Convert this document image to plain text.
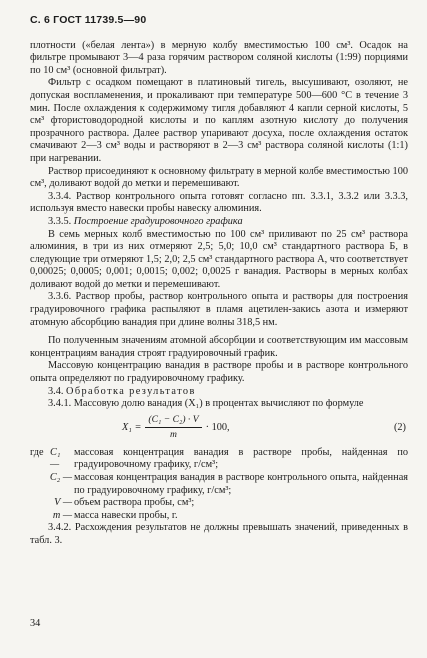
С. 6 ГОСТ 11739.5—90

плотности («белая лента») в мерную колбу вместимостью 100 см³. Осадок на фильтре промывают 3—4 раза горячим раствором соляной кислоты (1:99) порциями по 10 см³ (основной фильтрат).

Фильтр с осадком помещают в платиновый тигель, высушивают, озоляют, не допуская воспламенения, и прокаливают при температуре 500—600 °С в течение 3 мин. После охлаждения к содержимому тигля добавляют 4 капли серной кислоты, 5 см³ фтористоводородной кислоты и по каплям азотную кислоту до получения прозрачного раствора. Далее раствор упаривают досуха, после охлаждения остаток смачивают 2—3 см³ воды и растворяют в 2—3 см³ раствора соляной кислоты (1:1) при нагревании.

Раствор присоединяют к основному фильтрату в мерной колбе вместимостью 100 см³, доливают водой до метки и перемешивают.

3.3.4. Раствор контрольного опыта готовят согласно пп. 3.3.1, 3.3.2 или 3.3.3, используя вместо навески пробы навеску алюминия.

3.3.5. Построение градуировочного графика

В семь мерных колб вместимостью по 100 см³ приливают по 25 см³ раствора алюминия, в три из них отмеряют 2,5; 5,0; 10,0 см³ стандартного раствора Б, в следующие три отмеряют 1,5; 2,0; 2,5 см³ стандартного раствора А, что соответствует 0,00025; 0,0005; 0,001; 0,0015; 0,002; 0,0025 г ванадия. Растворы в мерных колбах доливают водой до метки и перемешивают.

3.3.6. Раствор пробы, раствор контрольного опыта и растворы для построения градуировочного графика распыляют в пламя ацетилен-закись азота и измеряют атомную абсорбцию ванадия при длине волны 318,5 нм.

По полученным значениям атомной абсорбции и соответствующим им массовым концентрациям ванадия строят градуировочный график.

Массовую концентрацию ванадия в растворе пробы и в растворе контрольного опыта определяют по градуировочному графику.

3.4. Обработка результатов

3.4.1. Массовую долю ванадия (X₁) в процентах вычисляют по формуле

$X_1 = \frac{\text{(C₁ − C₂) · V}}{m} \cdot 100$,	(2)
где C₁ —
массовая концентрация ванадия в растворе пробы, найденная по градуировочному графику, г/см³;
C₂ — массовая концентрация ванадия в растворе контрольного опыта, найденная по градуировочному графику, г/см³;
V — объем раствора пробы, см³;
m — масса навески пробы, г.

3.4.2. Расхождения результатов не должны превышать значений, приведенных в табл. 3.

34
